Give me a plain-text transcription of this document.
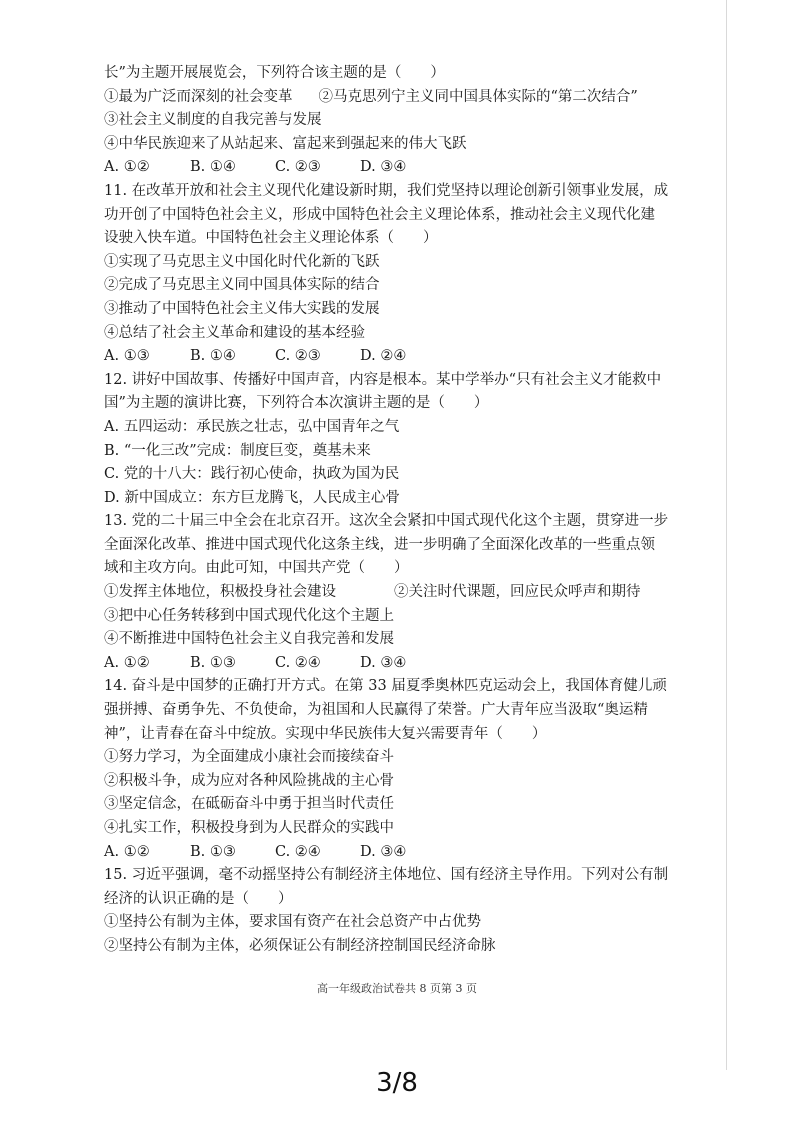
长”为主题开展展览会，下列符合该主题的是（　　）
①最为广泛而深刻的社会变革 ②马克思列宁主义同中国具体实际的“第二次结合”
③社会主义制度的自我完善与发展
④中华民族迎来了从站起来、富起来到强起来的伟大飞跃
A. ①②	B. ①④	C. ②③	D. ③④
11. 在改革开放和社会主义现代化建设新时期，我们党坚持以理论创新引领事业发展，成
功开创了中国特色社会主义，形成中国特色社会主义理论体系，推动社会主义现代化建
设驶入快车道。中国特色社会主义理论体系（　　）
①实现了马克思主义中国化时代化新的飞跃
②完成了马克思主义同中国具体实际的结合
③推动了中国特色社会主义伟大实践的发展
④总结了社会主义革命和建设的基本经验
A. ①③	B. ①④	C. ②③	D. ②④
12. 讲好中国故事、传播好中国声音，内容是根本。某中学举办“只有社会主义才能救中
国”为主题的演讲比赛，下列符合本次演讲主题的是（　　）
A. 五四运动：承民族之壮志，弘中国青年之气
B. “一化三改”完成：制度巨变，奠基未来
C. 党的十八大：践行初心使命，执政为国为民
D. 新中国成立：东方巨龙腾飞，人民成主心骨
13. 党的二十届三中全会在北京召开。这次全会紧扣中国式现代化这个主题，贯穿进一步
全面深化改革、推进中国式现代化这条主线，进一步明确了全面深化改革的一些重点领
域和主攻方向。由此可知，中国共产党（　　）
①发挥主体地位，积极投身社会建设	②关注时代课题，回应民众呼声和期待
③把中心任务转移到中国式现代化这个主题上
④不断推进中国特色社会主义自我完善和发展
A. ①②	B. ①③	C. ②④	D. ③④
14. 奋斗是中国梦的正确打开方式。在第 33 届夏季奥林匹克运动会上，我国体育健儿顽
强拼搏、奋勇争先、不负使命，为祖国和人民赢得了荣誉。广大青年应当汲取“奥运精
神”，让青春在奋斗中绽放。实现中华民族伟大复兴需要青年（　　）
①努力学习，为全面建成小康社会而接续奋斗
②积极斗争，成为应对各种风险挑战的主心骨
③坚定信念，在砥砺奋斗中勇于担当时代责任
④扎实工作，积极投身到为人民群众的实践中
A. ①②	B. ①③	C. ②④	D. ③④
15. 习近平强调，毫不动摇坚持公有制经济主体地位、国有经济主导作用。下列对公有制
经济的认识正确的是（　　）
①坚持公有制为主体，要求国有资产在社会总资产中占优势
②坚持公有制为主体，必须保证公有制经济控制国民经济命脉
高一年级政治试卷共 8 页第 3 页
3/8
